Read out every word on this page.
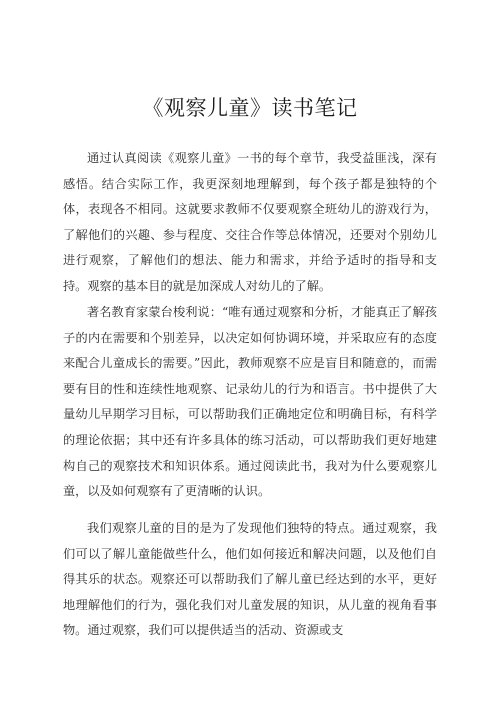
《观察儿童》读书笔记

通过认真阅读《观察儿童》一书的每个章节，我受益匪浅，深有感悟。结合实际工作，我更深刻地理解到，每个孩子都是独特的个体，表现各不相同。这就要求教师不仅要观察全班幼儿的游戏行为，了解他们的兴趣、参与程度、交往合作等总体情况，还要对个别幼儿进行观察，了解他们的想法、能力和需求，并给予适时的指导和支持。观察的基本目的就是加深成人对幼儿的了解。

著名教育家蒙台梭利说：“唯有通过观察和分析，才能真正了解孩子的内在需要和个别差异，以决定如何协调环境，并采取应有的态度来配合儿童成长的需要。”因此，教师观察不应是盲目和随意的，而需要有目的性和连续性地观察、记录幼儿的行为和语言。书中提供了大量幼儿早期学习目标，可以帮助我们正确地定位和明确目标，有科学的理论依据；其中还有许多具体的练习活动，可以帮助我们更好地建构自己的观察技术和知识体系。通过阅读此书，我对为什么要观察儿童，以及如何观察有了更清晰的认识。

我们观察儿童的目的是为了发现他们独特的特点。通过观察，我们可以了解儿童能做些什么，他们如何接近和解决问题，以及他们自得其乐的状态。观察还可以帮助我们了解儿童已经达到的水平，更好地理解他们的行为，强化我们对儿童发展的知识，从儿童的视角看事物。通过观察，我们可以提供适当的活动、资源或支
